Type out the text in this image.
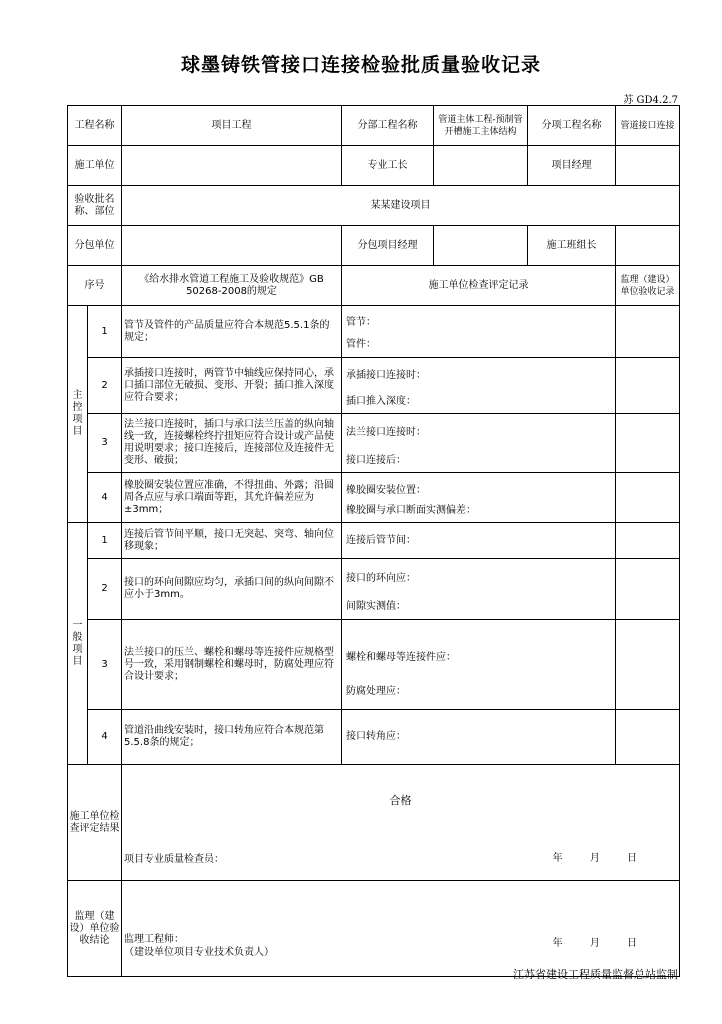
球墨铸铁管接口连接检验批质量验收记录
苏 GD4.2.7
工程名称		项目工程	分部工程名称	管道主体工程-预制管开槽施工主体结构	分项工程名称	管道接口连接
施工单位			专业工长		项目经理	
验收批名称、部位		某某建设项目				
分包单位			分包项目经理		施工班组长	
序号		《给水排水管道工程施工及验收规范》GB 50268-2008的规定	施工单位检查评定记录			监理（建设）单位验收记录
主
控
项
目	1	管节及管件的产品质量应符合本规范5.5.1条的规定；	管节：
管件：			

	2	承插接口连接时，两管节中轴线应保持同心，承口插口部位无破损、变形、开裂；插口推入深度应符合要求；	承插接口连接时：
插口推入深度：			

	3	法兰接口连接时，插口与承口法兰压盖的纵向轴线一致，连接螺栓终拧扭矩应符合设计或产品使用说明要求；接口连接后，连接部位及连接件无变形、破损；	法兰接口连接时：
接口连接后：			

	4	橡胶圈安装位置应准确，不得扭曲、外露；沿圆周各点应与承口端面等距，其允许偏差应为±3mm；	橡胶圈安装位置：
橡胶圈与承口断面实测偏差：			

一
般
项
目	1	连接后管节间平顺，接口无突起、突弯、轴向位移现象；	连接后管节间：			

	2	接口的环向间隙应均匀，承插口间的纵向间隙不应小于3mm。	接口的环向应：
间隙实测值：			

	3	法兰接口的压兰、螺栓和螺母等连接件应规格型号一致，采用钢制螺栓和螺母时，防腐处理应符合设计要求；	螺栓和螺母等连接件应：
防腐处理应：			

	4	管道沿曲线安装时，接口转角应符合本规范第5.5.8条的规定；	接口转角应：			

施工单位检查评定结果		合格
项目专业质量检查员： 年 月 日				

监理（建设）单位验收结论		监理工程师：
（建设单位项目专业技术负责人）
年 月 日				
江苏省建设工程质量监督总站监制
